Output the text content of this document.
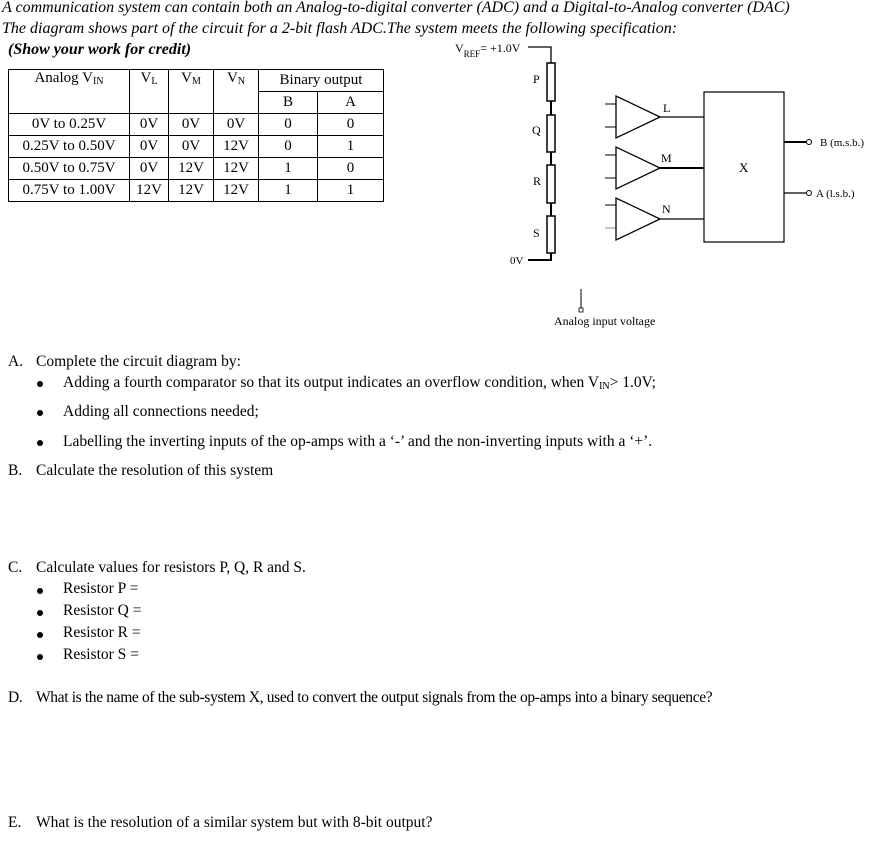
A communication system can contain both an Analog-to-digital converter (ADC) and a Digital-to-Analog converter (DAC)
The diagram shows part of the circuit for a 2-bit flash ADC.The system meets the following specification:
(Show your work for credit)
Analog $V_{IN}$	$V_L$	$V_M$	$V_N$	Binary output	
				B	A
0V to 0.25V	0V	0V	0V	0	0
0.25V to 0.50V	0V	0V	12V	0	1
0.50V to 0.75V	0V	12V	12V	1	0
0.75V to 1.00V	12V	12V	12V	1	1
$V_{REF}= +1.0V$
P
Q
R
S
0V
L
M
N
X
B (m.s.b.)
A (l.s.b.)
Analog input voltage
A. Complete the circuit diagram by:
Adding a fourth comparator so that its output indicates an overflow condition, when $V_{IN}> 1.0V$;
Adding all connections needed;
Labelling the inverting inputs of the op-amps with a ‘-’ and the non-inverting inputs with a ‘+’.
B. Calculate the resolution of this system
C. Calculate values for resistors P, Q, R and S.
Resistor P =
Resistor Q =
Resistor R =
Resistor S =
D. What is the name of the sub-system X, used to convert the output signals from the op-amps into a binary sequence?
E. What is the resolution of a similar system but with 8-bit output?
